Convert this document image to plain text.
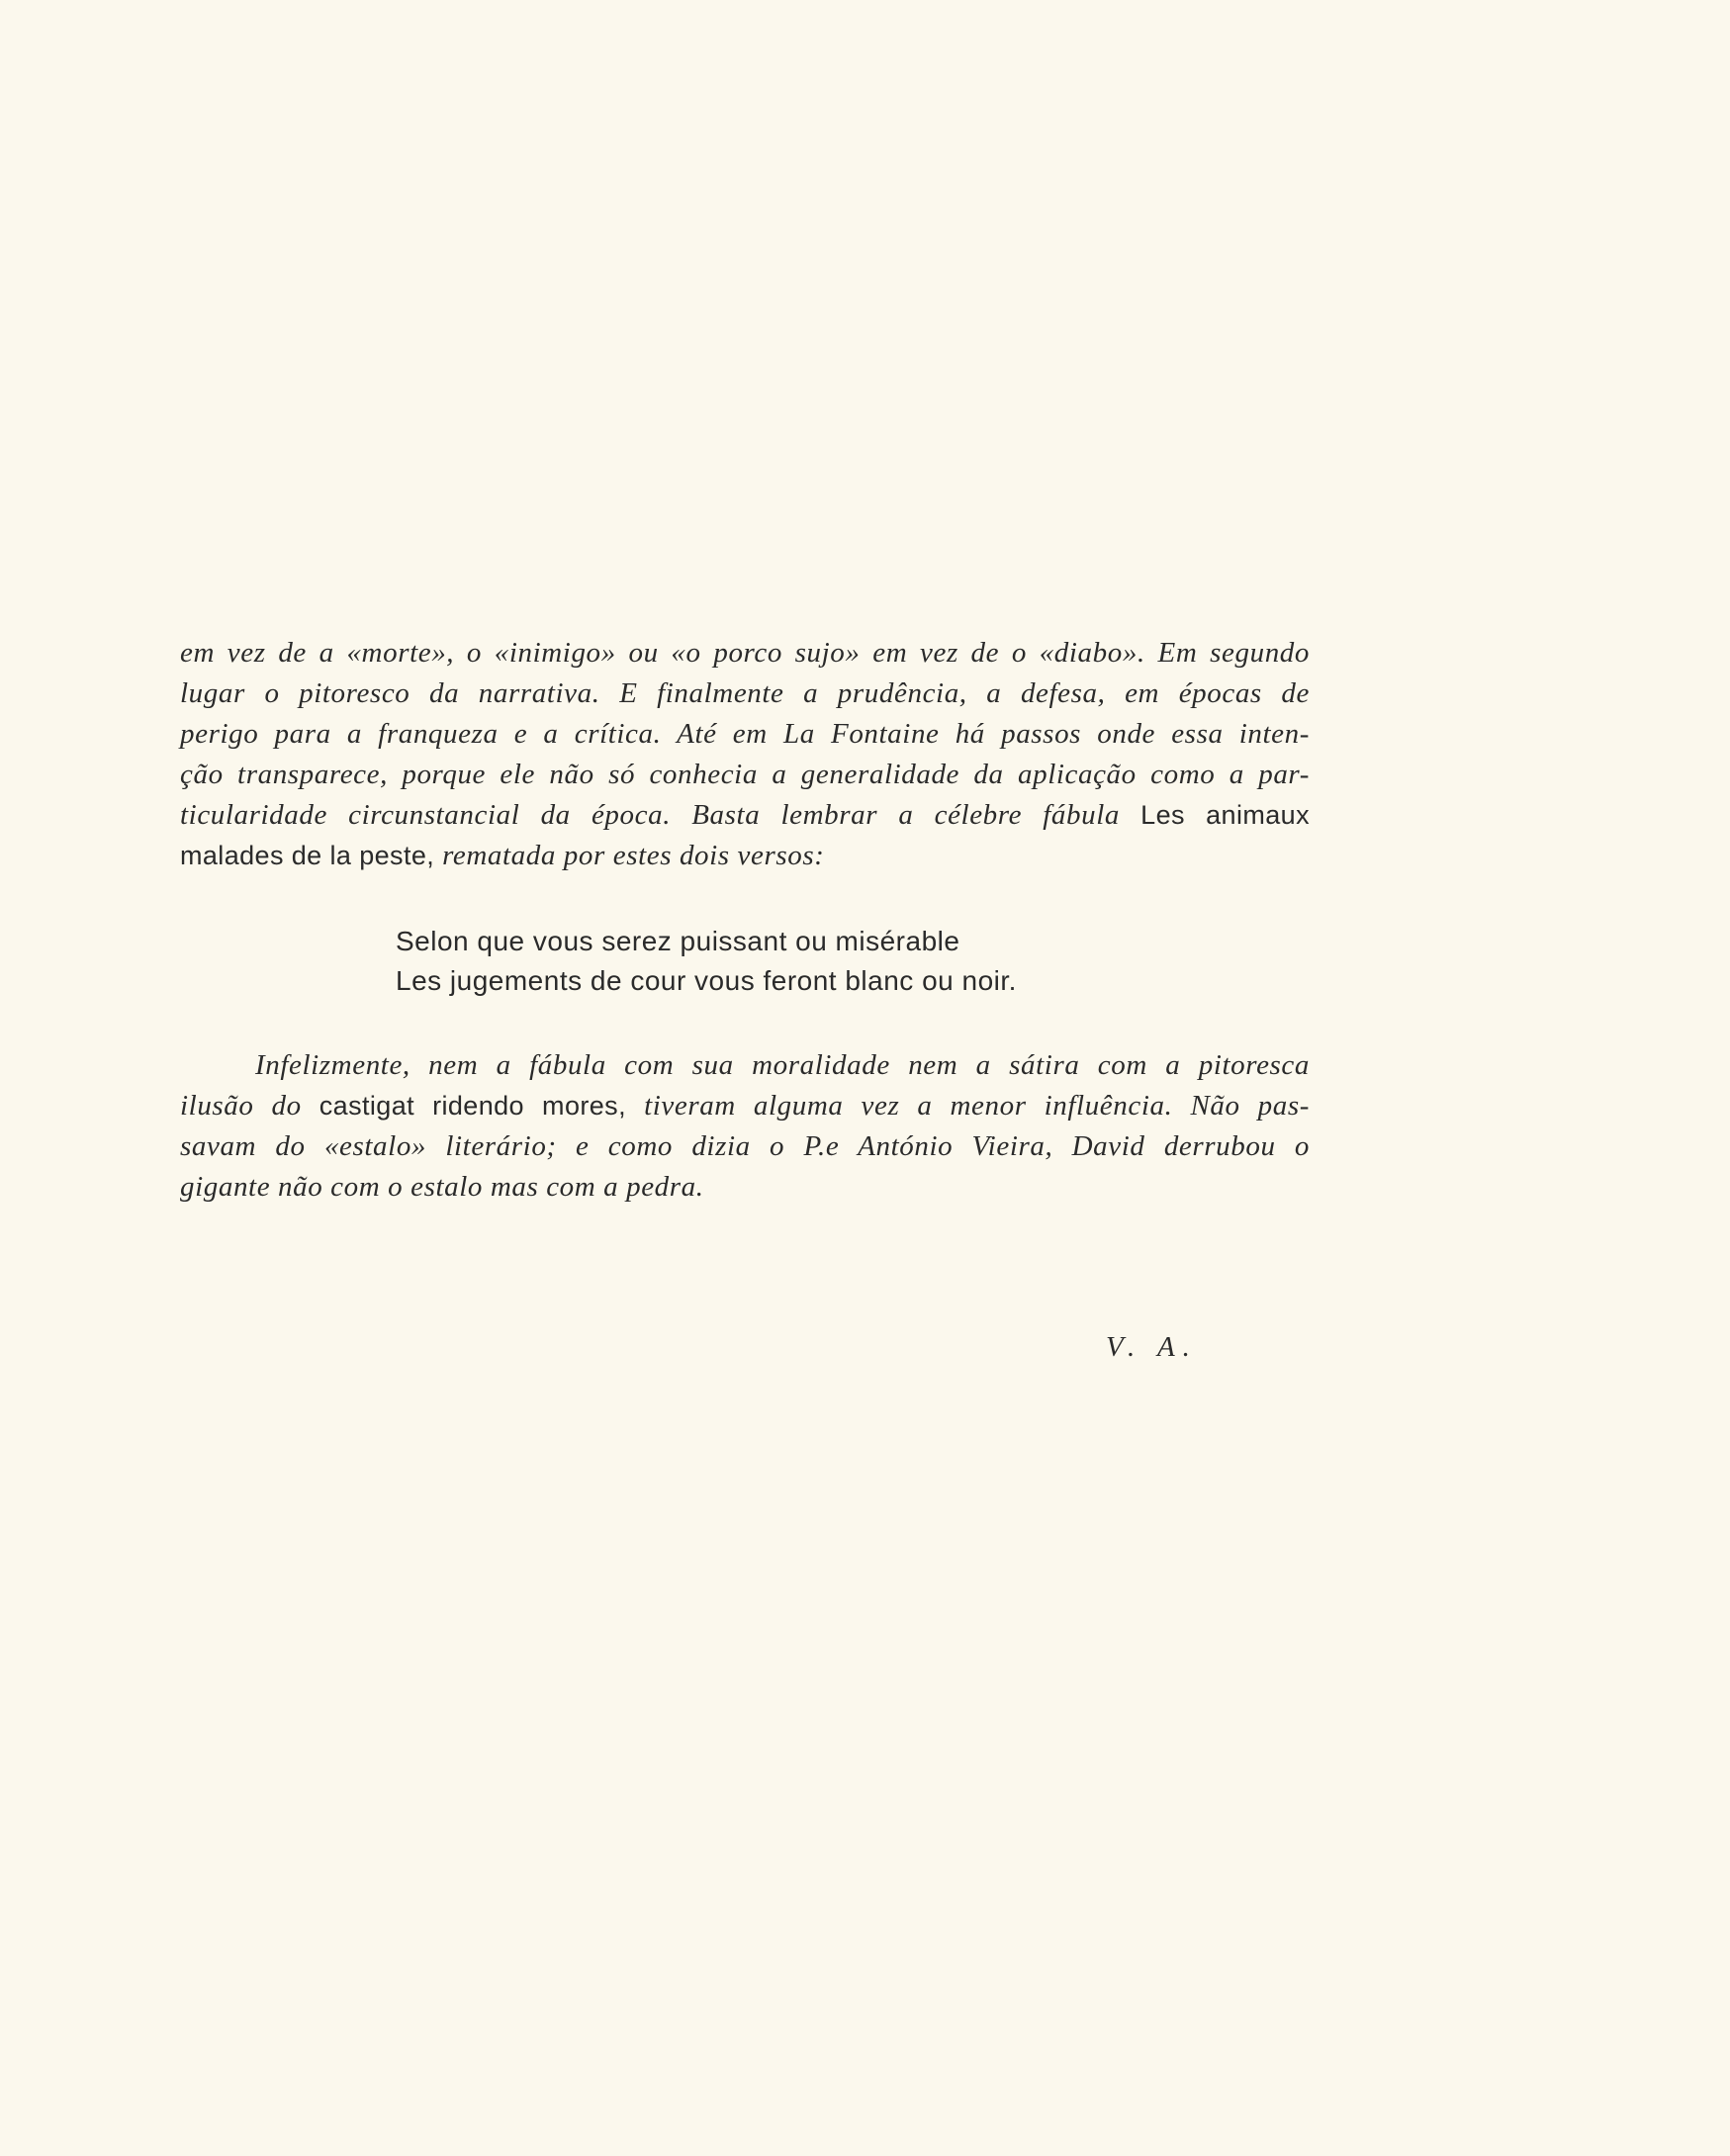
em vez de a «morte», o «inimigo» ou «o porco sujo» em vez de o «diabo». Em segundo
lugar o pitoresco da narrativa. E finalmente a prudência, a defesa, em épocas de
perigo para a franqueza e a crítica. Até em La Fontaine há passos onde essa inten-
ção transparece, porque ele não só conhecia a generalidade da aplicação como a par-
ticularidade circunstancial da época. Basta lembrar a célebre fábula Les animaux
malades de la peste, rematada por estes dois versos:
Selon que vous serez puissant ou misérable
Les jugements de cour vous feront blanc ou noir.
Infelizmente, nem a fábula com sua moralidade nem a sátira com a pitoresca
ilusão do castigat ridendo mores, tiveram alguma vez a menor influência. Não pas-
savam do «estalo» literário; e como dizia o P.e António Vieira, David derrubou o
gigante não com o estalo mas com a pedra.
V. A.
